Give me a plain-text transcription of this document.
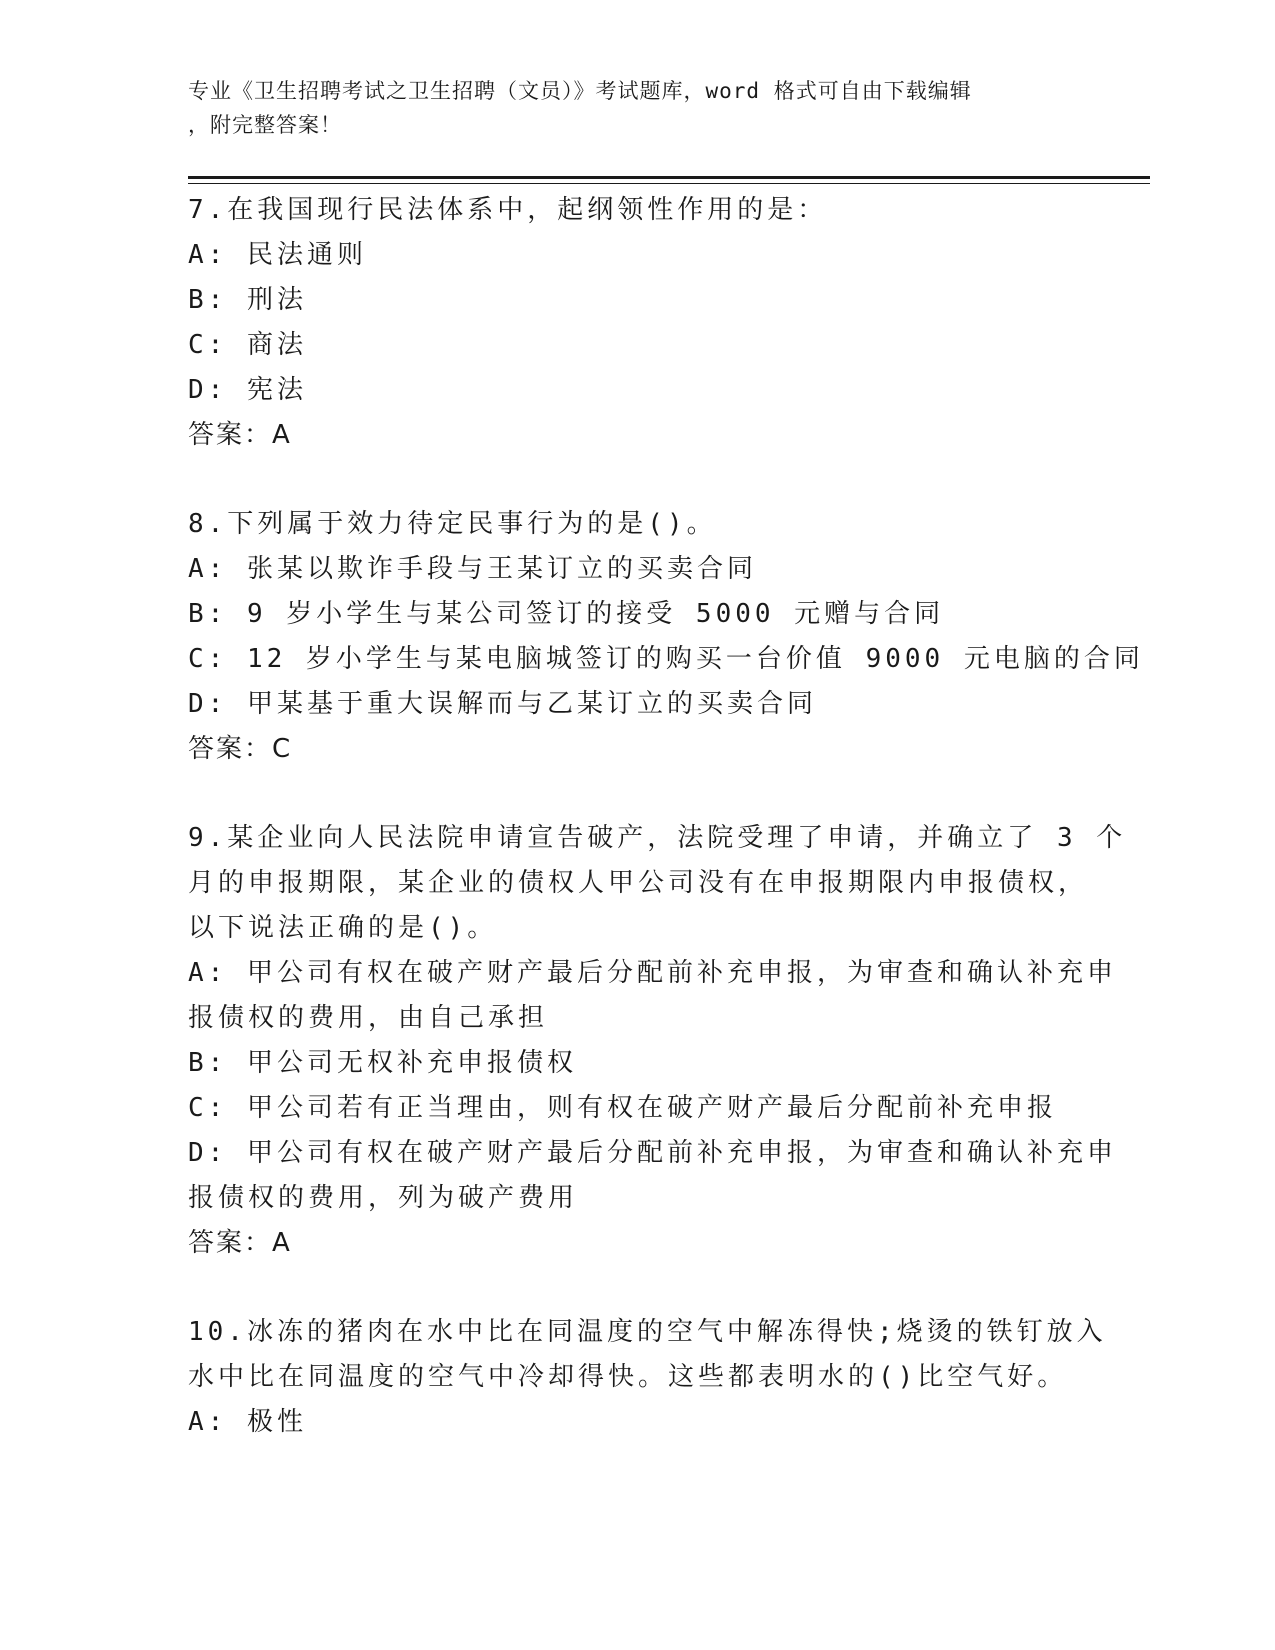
专业《卫生招聘考试之卫生招聘（文员）》考试题库，word 格式可自由下载编辑
，附完整答案！
7.在我国现行民法体系中，起纲领性作用的是：
A: 民法通则
B: 刑法
C: 商法
D: 宪法
答案：A
8.下列属于效力待定民事行为的是()。
A: 张某以欺诈手段与王某订立的买卖合同
B: 9 岁小学生与某公司签订的接受 5000 元赠与合同
C: 12 岁小学生与某电脑城签订的购买一台价值 9000 元电脑的合同
D: 甲某基于重大误解而与乙某订立的买卖合同
答案：C
9.某企业向人民法院申请宣告破产，法院受理了申请，并确立了 3 个
月的申报期限，某企业的债权人甲公司没有在申报期限内申报债权，
以下说法正确的是()。
A: 甲公司有权在破产财产最后分配前补充申报，为审查和确认补充申
报债权的费用，由自己承担
B: 甲公司无权补充申报债权
C: 甲公司若有正当理由，则有权在破产财产最后分配前补充申报
D: 甲公司有权在破产财产最后分配前补充申报，为审查和确认补充申
报债权的费用，列为破产费用
答案：A
10.冰冻的猪肉在水中比在同温度的空气中解冻得快;烧烫的铁钉放入
水中比在同温度的空气中冷却得快。这些都表明水的()比空气好。
A: 极性
